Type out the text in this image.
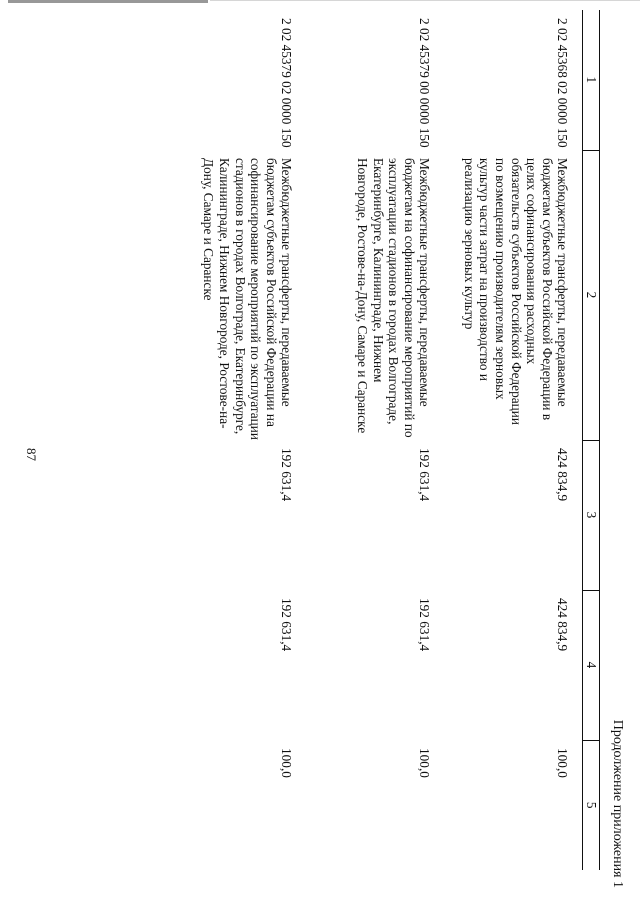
87
Продолжение приложения 1
1	2	3	4	5

2 02 45368 02 0000 150	Межбюджетные трансферты, передаваемые бюджетам субъектов Российской Федерации в целях софинансирования расходных обязательств субъектов Российской Федерации по возмещению производителям зерновых культур части затрат на производство и реализацию зерновых культур	424 834,9	424 834,9	100,0

2 02 45379 00 0000 150	Межбюджетные трансферты, передаваемые бюджетам на софинансирование мероприятий по эксплуатации стадионов в городах Волгограде, Екатеринбурге, Калининграде, Нижнем Новгороде, Ростове-на-Дону, Самаре и Саранске	192 631,4	192 631,4	100,0

2 02 45379 02 0000 150	Межбюджетные трансферты, передаваемые бюджетам субъектов Российской Федерации на софинансирование мероприятий по эксплуатации стадионов в городах Волгограде, Екатеринбурге, Калининграде, Нижнем Новгороде, Ростове-на-Дону, Самаре и Саранске	192 631,4	192 631,4	100,0
